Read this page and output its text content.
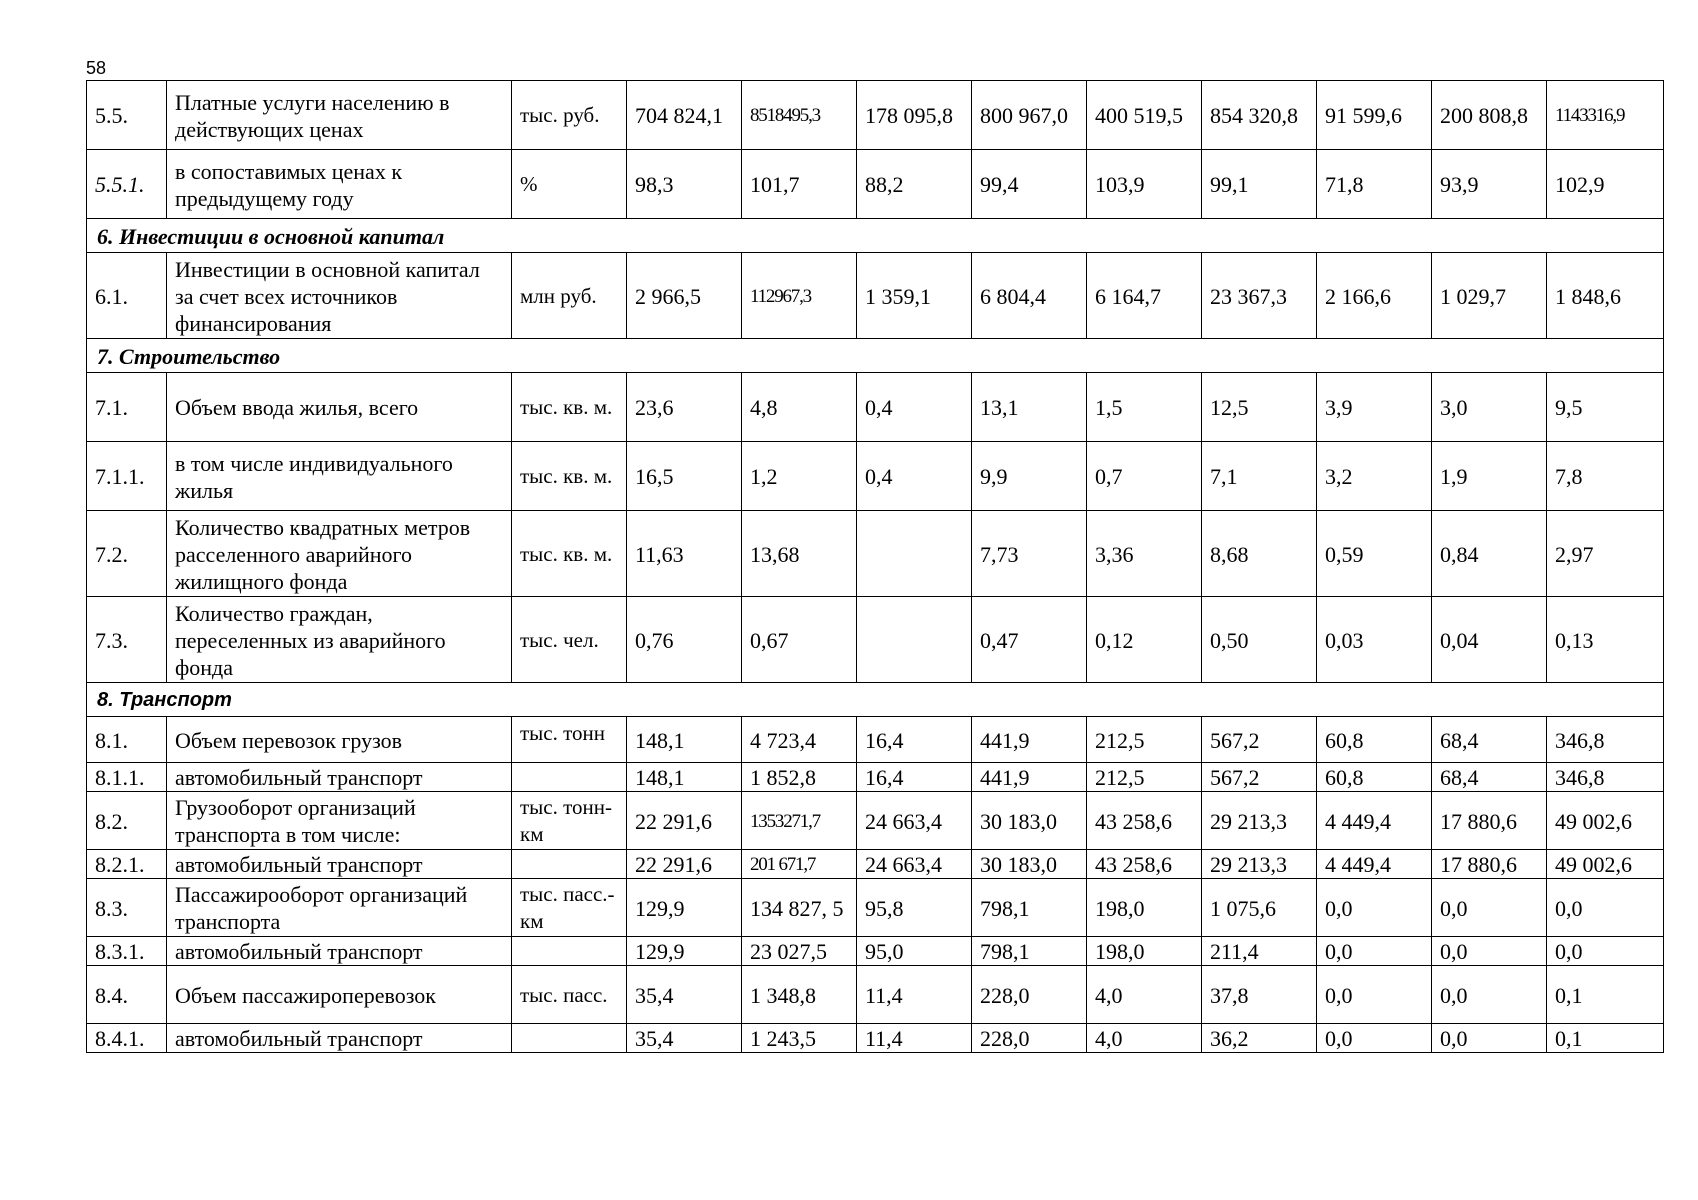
58
5.5.	Платные услуги населению в действующих ценах	тыс. руб.	704 824,1	8518495,3	178 095,8	800 967,0	400 519,5	854 320,8	91 599,6	200 808,8	1143316,9
5.5.1.	в сопоставимых ценах к предыдущему году	%	98,3	101,7	88,2	99,4	103,9	99,1	71,8	93,9	102,9
6. Инвестиции в основной капитал											
6.1.	Инвестиции в основной капитал за счет всех источников финансирования	млн руб.	2 966,5	112967,3	1 359,1	6 804,4	6 164,7	23 367,3	2 166,6	1 029,7	1 848,6
7. Строительство											
7.1.	Объем ввода жилья, всего	тыс. кв. м.	23,6	4,8	0,4	13,1	1,5	12,5	3,9	3,0	9,5
7.1.1.	в том числе индивидуального жилья	тыс. кв. м.	16,5	1,2	0,4	9,9	0,7	7,1	3,2	1,9	7,8
7.2.	Количество квадратных метров расселенного аварийного жилищного фонда	тыс. кв. м.	11,63	13,68		7,73	3,36	8,68	0,59	0,84	2,97
7.3.	Количество граждан, переселенных из аварийного фонда	тыс. чел.	0,76	0,67		0,47	0,12	0,50	0,03	0,04	0,13
8. Транспорт											
8.1.	Объем перевозок грузов	тыс. тонн	148,1	4 723,4	16,4	441,9	212,5	567,2	60,8	68,4	346,8
8.1.1.	автомобильный транспорт		148,1	1 852,8	16,4	441,9	212,5	567,2	60,8	68,4	346,8
8.2.	Грузооборот организаций транспорта в том числе:	тыс. тонн-км	22 291,6	1353271,7	24 663,4	30 183,0	43 258,6	29 213,3	4 449,4	17 880,6	49 002,6
8.2.1.	автомобильный транспорт		22 291,6	201 671,7	24 663,4	30 183,0	43 258,6	29 213,3	4 449,4	17 880,6	49 002,6
8.3.	Пассажирооборот организаций транспорта	тыс. пасс.-км	129,9	134 827, 5	95,8	798,1	198,0	1 075,6	0,0	0,0	0,0
8.3.1.	автомобильный транспорт		129,9	23 027,5	95,0	798,1	198,0	211,4	0,0	0,0	0,0
8.4.	Объем пассажироперевозок	тыс. пасс.	35,4	1 348,8	11,4	228,0	4,0	37,8	0,0	0,0	0,1
8.4.1.	автомобильный транспорт		35,4	1 243,5	11,4	228,0	4,0	36,2	0,0	0,0	0,1
